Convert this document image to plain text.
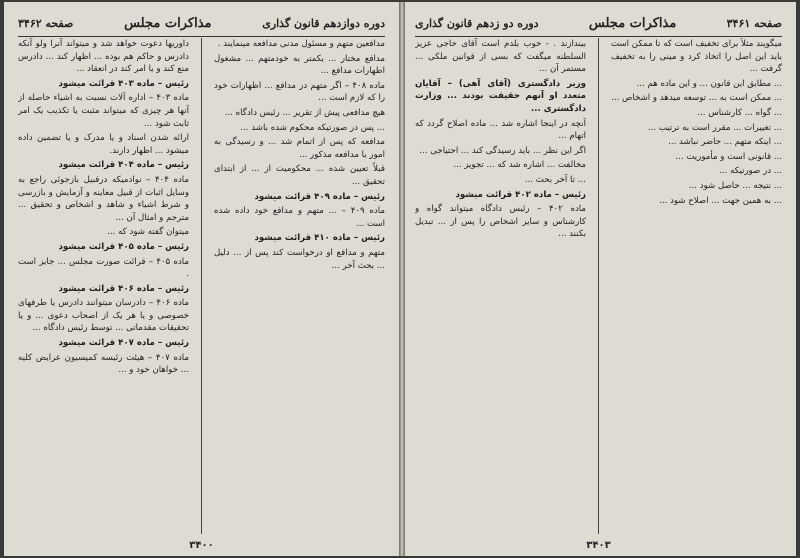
دوره دوازدهم قانون گذاری
مذاکرات مجلس
صفحه ۳۴۶۲

مدافعین متهم و مسئول مدنی مدافعه مینمایند .

مدافع مختار ... بکمتر به خودمتهم ... مشغول اظهارات مدافع ...

ماده ۴۰۸ – اگر متهم در مدافع ... اظهارات خود را که لازم است ...

هیچ مدافعی پیش از تقریر ... رئیس دادگاه ...

... پس در صورتیکه محکوم شده باشد ...

مدافعه که پس از اتمام شد ... و رسیدگی به امور یا مدافعه مذکور ...

قبلاً تعیین شده ... محکومیت از ... از ابتدای تحقیق ...

رئیس – ماده ۴۰۹ قرائت میشود

ماده ۴۰۹ – ... متهم و مدافع خود داده شده است ...

رئیس – ماده ۴۱۰ قرائت میشود

متهم و مدافع او درخواست کند پس از ... دلیل ... بحث آخر ...

داوریها دعوت خواهد شد و میتواند آنرا ولو آنکه دادرس و حاکم هم بوده ... اظهار کند ... دادرس منع کند و یا امر کند در انعقاد ...

رئیس – ماده ۴۰۳ قرائت میشود

ماده ۴۰۳ – اداره آلات نسبت به اشیاء حاصله از آنها هر چیزی که میتواند مثبت یا تکذیب یک امر ثابت شود ...

ارائه شدن اسناد و یا مدرک و یا تضمین داده میشود ... اظهار دارند.

رئیس – ماده ۴۰۴ قرائت میشود

ماده ۴۰۴ – نوادمیکه درقبیل بازجوئی راجع به وسایل اثبات از قبیل معاینه و آزمایش و بازرسی و شرط اشیاء و شاهد و اشخاص و تحقیق ... مترجم و امثال آن ...

میتوان گفته شود که ...

رئیس – ماده ۴۰۵ قرائت میشود

ماده ۴۰۵ – قرائت صورت مجلس ... جایز است .

رئیس – ماده ۴۰۶ قرائت میشود

ماده ۴۰۶ – دادرسان میتوانند دادرس یا طرفهای خصوصی و یا هر یک از اصحاب دعوی ... و یا تحقیقات مقدماتی ... توسط رئیس دادگاه ...

رئیس – ماده ۴۰۷ قرائت میشود

ماده ۴۰۷ – هیئت رئیسه کمیسیون عرایض کلیه ... خواهان خود و ...

۳۴۰۰
صفحه ۳۴۶۱
مذاکرات مجلس
دوره دو زدهم قانون گذاری

میگویند مثلاً برای تخفیف است که تا ممکن است باید این اصل را اتخاذ کرد و مینی را به تخفیف گرفت ...

... مطابق این قانون ... و این ماده هم ...

... ممکن است به ... توسعه میدهد و اشخاص ...

... گواه ... کارشناس ...

... تغییرات ... مقرر است به ترتیب ...

... اینکه متهم ... حاضر نباشد ...

... قانونی است و مأموریت ...

... در صورتیکه ...

... نتیجه ... حاصل شود ...

... به همین جهت ... اصلاح شود ...

بیندازند . - خوب بلدم است آقای حاجی عزیز السلطنه میگفت که بسی از قوانین ملکی ... مستمر آن ...

وزیر دادگستری (آقای آهی) – آقایان متعدد او آنهم حقیقت بودند ... وزارت دادگستری ...

آنچه در اینجا اشاره شد ... ماده اصلاح گردد که اتهام ...

اگر این نظر ... باید رسیدگی کند ... احتیاجی ...

مخالفت ... اشاره شد که ... تجویز ...

... تا آخر بحث ...

رئیس – ماده ۴۰۲ قرائت میشود

ماده ۴۰۲ – رئیس دادگاه میتواند گواه و کارشناس و سایر اشخاص را پس از ... تبدیل بکنند ...

۳۴۰۳
